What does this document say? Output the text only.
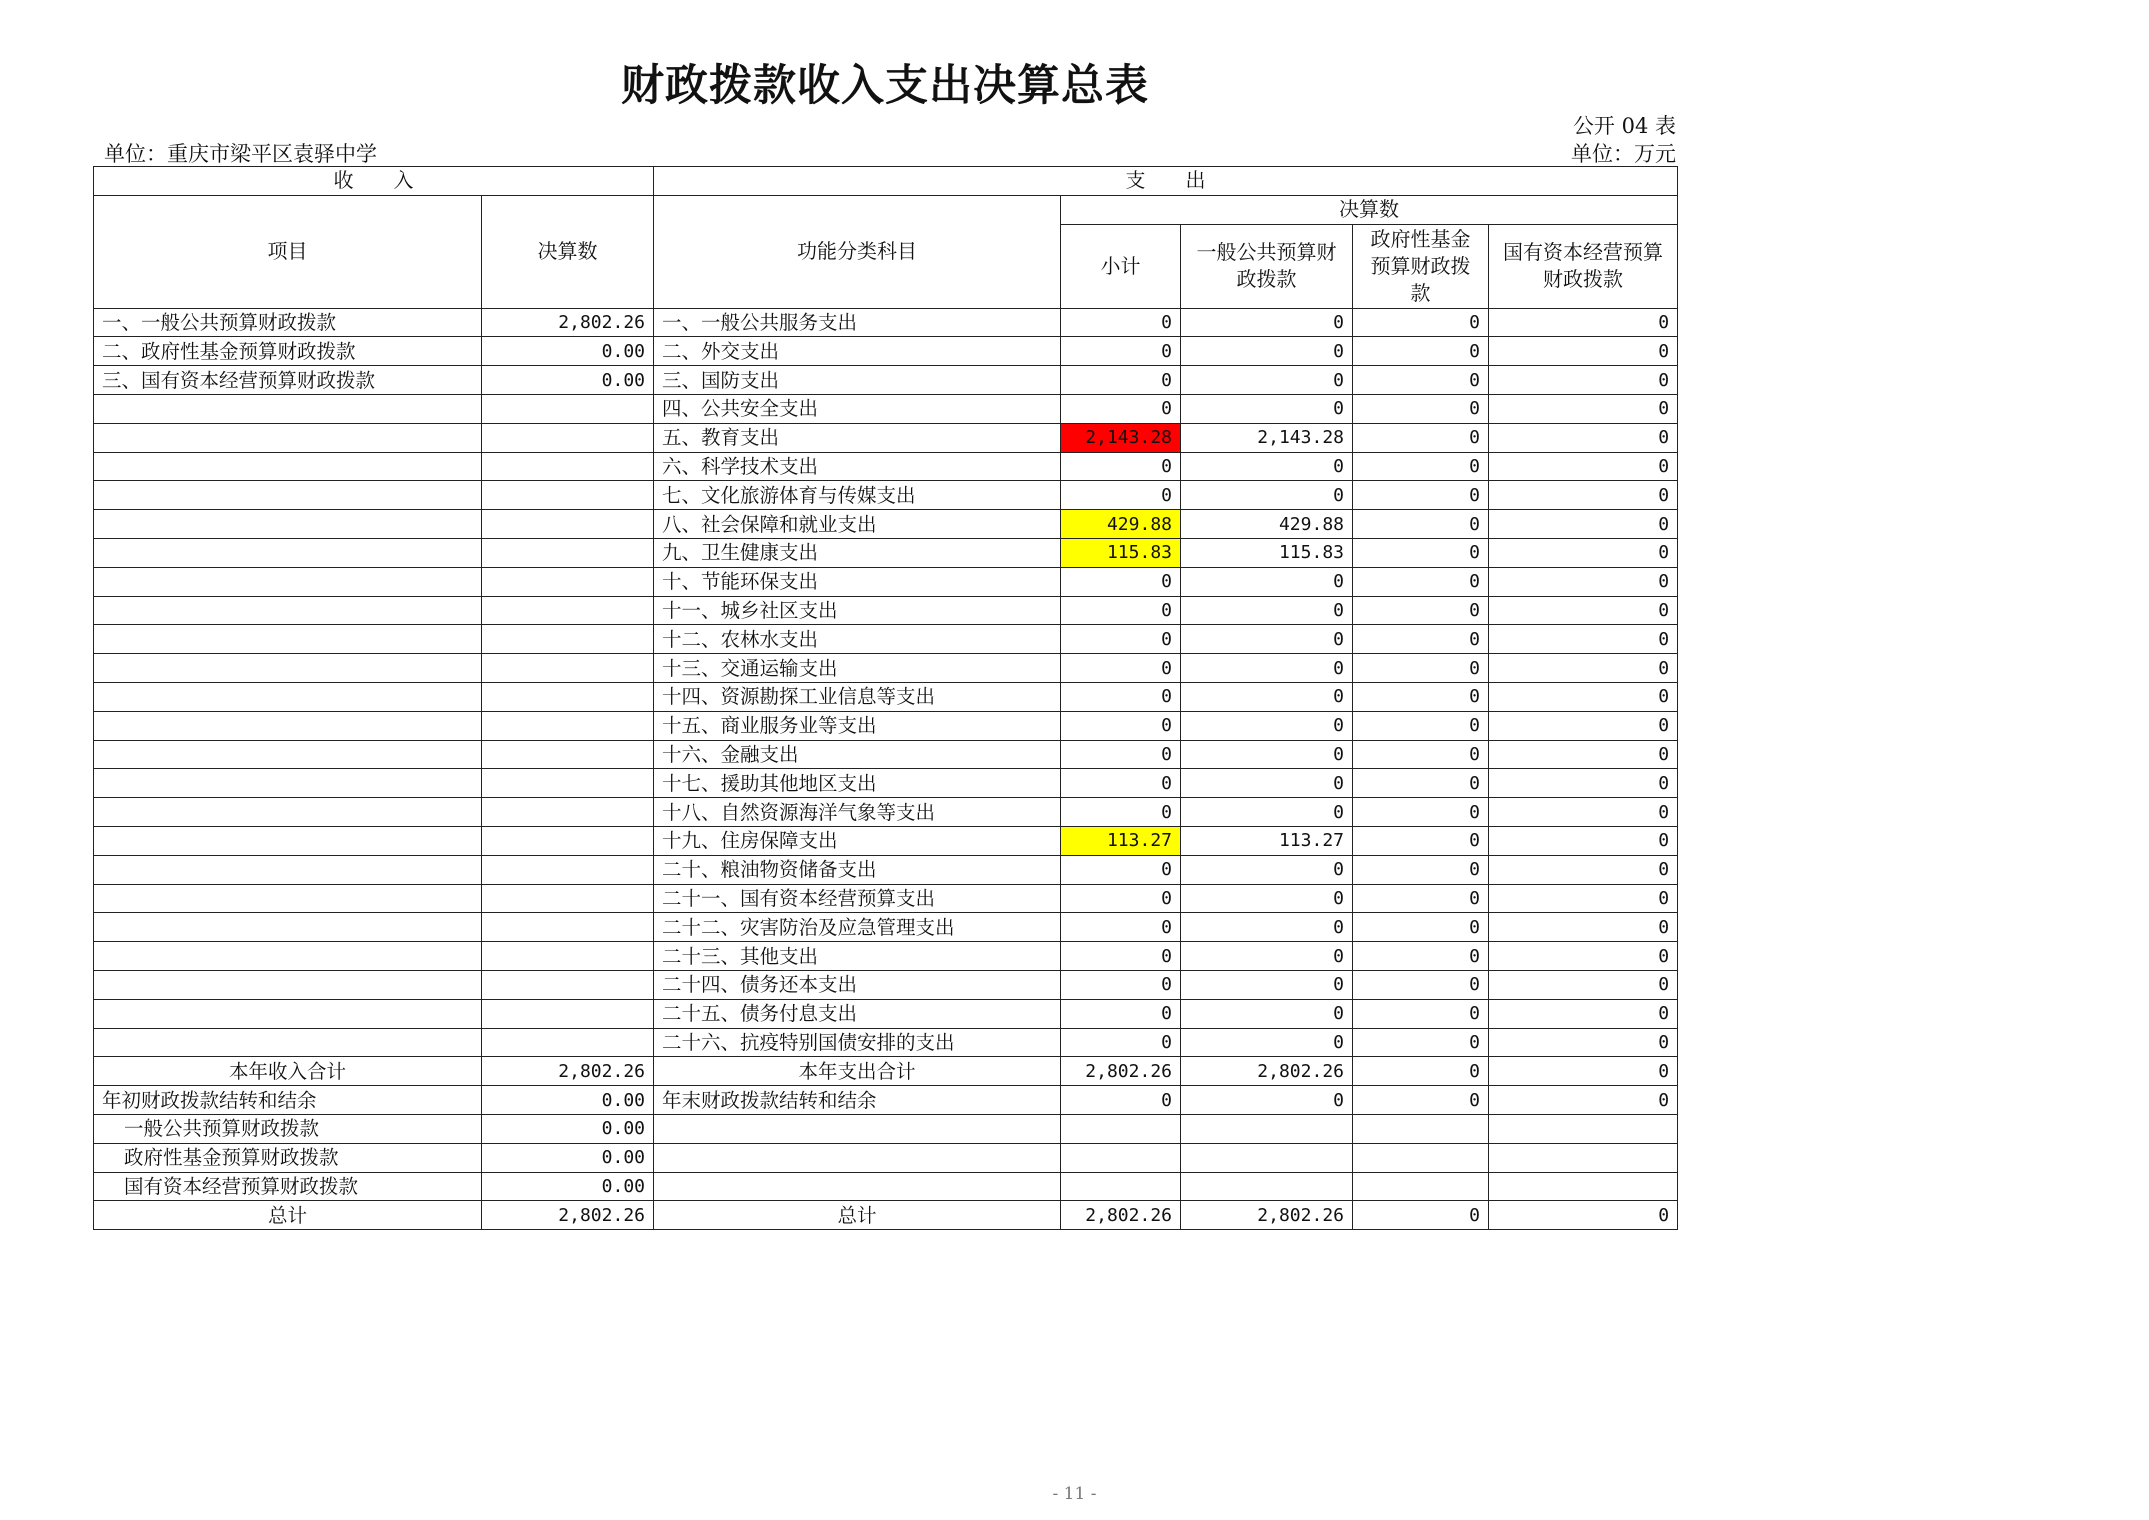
财政拨款收入支出决算总表
公开 04 表
单位：重庆市梁平区袁驿中学	单位：万元
收　　入		支　　出				
项目	决算数	功能分类科目	决算数			
			小计	一般公共预算财政拨款	政府性基金预算财政拨款	国有资本经营预算财政拨款
一、一般公共预算财政拨款	2,802.26	一、一般公共服务支出	0	0	0	0
二、政府性基金预算财政拨款	0.00	二、外交支出	0	0	0	0
三、国有资本经营预算财政拨款	0.00	三、国防支出	0	0	0	0
		四、公共安全支出	0	0	0	0
		五、教育支出	2,143.28	2,143.28	0	0
		六、科学技术支出	0	0	0	0
		七、文化旅游体育与传媒支出	0	0	0	0
		八、社会保障和就业支出	429.88	429.88	0	0
		九、卫生健康支出	115.83	115.83	0	0
		十、节能环保支出	0	0	0	0
		十一、城乡社区支出	0	0	0	0
		十二、农林水支出	0	0	0	0
		十三、交通运输支出	0	0	0	0
		十四、资源勘探工业信息等支出	0	0	0	0
		十五、商业服务业等支出	0	0	0	0
		十六、金融支出	0	0	0	0
		十七、援助其他地区支出	0	0	0	0
		十八、自然资源海洋气象等支出	0	0	0	0
		十九、住房保障支出	113.27	113.27	0	0
		二十、粮油物资储备支出	0	0	0	0
		二十一、国有资本经营预算支出	0	0	0	0
		二十二、灾害防治及应急管理支出	0	0	0	0
		二十三、其他支出	0	0	0	0
		二十四、债务还本支出	0	0	0	0
		二十五、债务付息支出	0	0	0	0
		二十六、抗疫特别国债安排的支出	0	0	0	0
本年收入合计	2,802.26	本年支出合计	2,802.26	2,802.26	0	0
年初财政拨款结转和结余	0.00	年末财政拨款结转和结余	0	0	0	0
一般公共预算财政拨款	0.00					
政府性基金预算财政拨款	0.00					
国有资本经营预算财政拨款	0.00					
总计	2,802.26	总计	2,802.26	2,802.26	0	0
- 11 -
